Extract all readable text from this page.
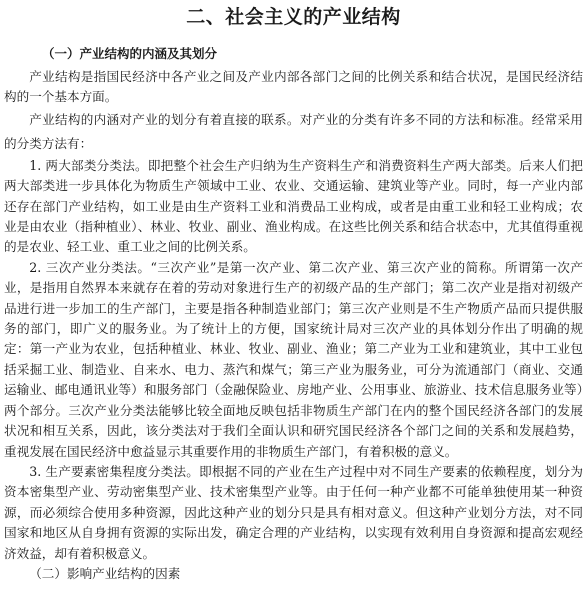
二、社会主义的产业结构
（一）产业结构的内涵及其划分

产业结构是指国民经济中各产业之间及产业内部各部门之间的比例关系和结合状况，是国民经济结构的一个基本方面。

产业结构的内涵对产业的划分有着直接的联系。对产业的分类有许多不同的方法和标准。经常采用的分类方法有：

1. 两大部类分类法。即把整个社会生产归纳为生产资料生产和消费资料生产两大部类。后来人们把两大部类进一步具体化为物质生产领域中工业、农业、交通运输、建筑业等产业。同时，每一产业内部还存在部门产业结构，如工业是由生产资料工业和消费品工业构成，或者是由重工业和轻工业构成；农业是由农业（指种植业）、林业、牧业、副业、渔业构成。在这些比例关系和结合状态中，尤其值得重视的是农业、轻工业、重工业之间的比例关系。

2. 三次产业分类法。“三次产业”是第一次产业、第二次产业、第三次产业的简称。所谓第一次产业，是指用自然界本来就存在着的劳动对象进行生产的初级产品的生产部门；第二次产业是指对初级产品进行进一步加工的生产部门，主要是指各种制造业部门；第三次产业则是不生产物质产品而只提供服务的部门，即广义的服务业。为了统计上的方便，国家统计局对三次产业的具体划分作出了明确的规定：第一产业为农业，包括种植业、林业、牧业、副业、渔业；第二产业为工业和建筑业，其中工业包括采掘工业、制造业、自来水、电力、蒸汽和煤气；第三产业为服务业，可分为流通部门（商业、交通运输业、邮电通讯业等）和服务部门（金融保险业、房地产业、公用事业、旅游业、技术信息服务业等）两个部分。三次产业分类法能够比较全面地反映包括非物质生产部门在内的整个国民经济各部门的发展状况和相互关系，因此，该分类法对于我们全面认识和研究国民经济各个部门之间的关系和发展趋势，重视发展在国民经济中愈益显示其重要作用的非物质生产部门，有着积极的意义。

3. 生产要素密集程度分类法。即根据不同的产业在生产过程中对不同生产要素的依赖程度，划分为资本密集型产业、劳动密集型产业、技术密集型产业等。由于任何一种产业都不可能单独使用某一种资源，而必须综合使用多种资源，因此这种产业的划分只是具有相对意义。但这种产业划分方法，对不同国家和地区从自身拥有资源的实际出发，确定合理的产业结构，以实现有效利用自身资源和提高宏观经济效益，却有着积极意义。

（二）影响产业结构的因素
